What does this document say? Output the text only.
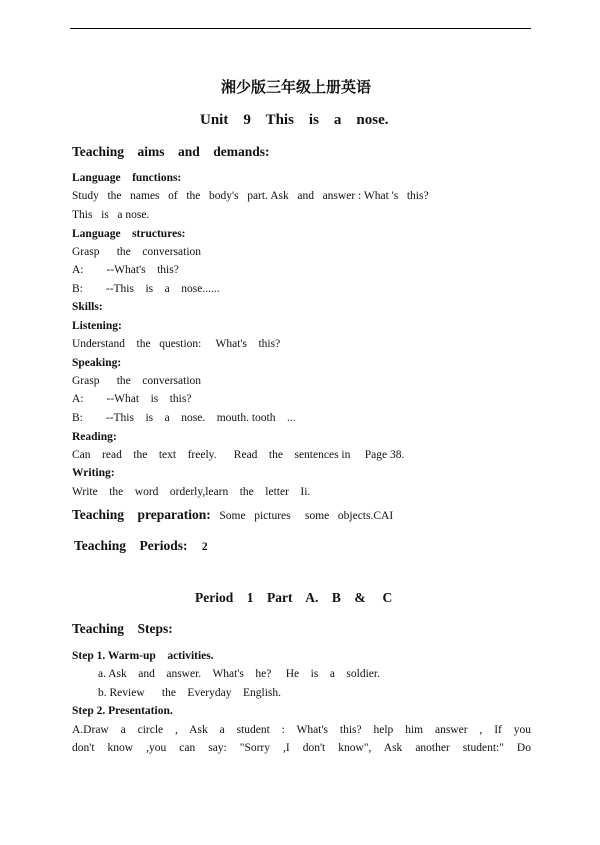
湘少版三年级上册英语
Unit    9    This    is    a    nose.
Teaching    aims    and    demands:
Language    functions:
Study   the   names   of   the   body's   part. Ask   and   answer : What 's   this?
This   is   a nose.
Language    structures:
Grasp      the    conversation
A:        --What's    this?
B:        --This    is    a    nose......
Skills:
Listening:
Understand    the   question:     What's    this?
Speaking:
Grasp      the    conversation
A:        --What    is    this?
B:        --This    is    a    nose.    mouth. tooth    ...
Reading:
Can    read    the    text    freely.      Read    the    sentences in     Page 38.
Writing:
Write    the    word    orderly,learn    the    letter    Ii.
Teaching    preparation: Some   pictures     some   objects.CAI
Teaching    Periods: 2
Period    1    Part    A.    B    &     C
Teaching    Steps:
Step 1. Warm-up    activities.
a. Ask    and    answer.    What's    he?     He    is    a    soldier.
b. Review      the    Everyday    English.
Step 2. Presentation.
A.Draw a circle , Ask a student : What's this? help him answer , If you
don't know ,you can say: "Sorry ,I don't know", Ask another student:" Do
